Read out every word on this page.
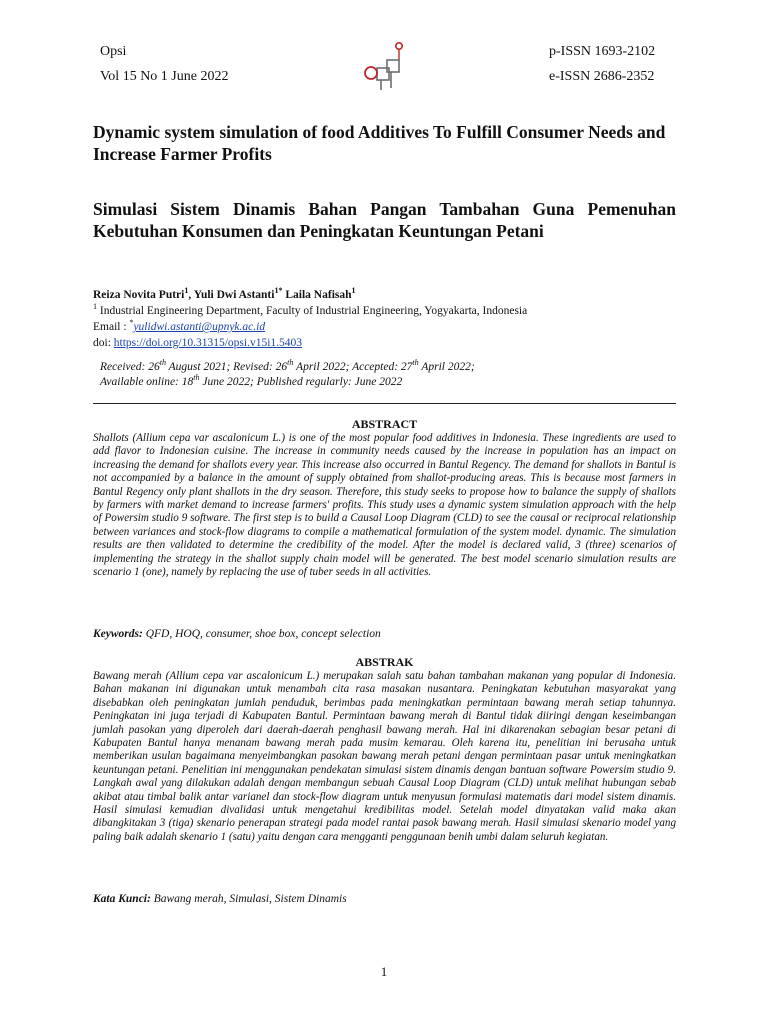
Opsi
Vol 15 No 1 June 2022
p-ISSN 1693-2102
e-ISSN 2686-2352
Dynamic system simulation of food Additives To Fulfill Consumer Needs and Increase Farmer Profits
Simulasi Sistem Dinamis Bahan Pangan Tambahan Guna Pemenuhan Kebutuhan Konsumen dan Peningkatan Keuntungan Petani
Reiza Novita Putri$^1$, Yuli Dwi Astanti$^{1*}$ Laila Nafisah$^1$
$^1$ Industrial Engineering Department, Faculty of Industrial Engineering, Yogyakarta, Indonesia
Email : *yulidwi.astanti@upnyk.ac.id
doi: https://doi.org/10.31315/opsi.v15i1.5403
Received: 26th August 2021; Revised: 26th April 2022; Accepted: 27th April 2022;
Available online: 18th June 2022; Published regularly: June 2022
ABSTRACT
Shallots (Allium cepa var ascalonicum L.) is one of the most popular food additives in Indonesia. These ingredients are used to add flavor to Indonesian cuisine. The increase in community needs caused by the increase in population has an impact on increasing the demand for shallots every year. This increase also occurred in Bantul Regency. The demand for shallots in Bantul is not accompanied by a balance in the amount of supply obtained from shallot-producing areas. This is because most farmers in Bantul Regency only plant shallots in the dry season. Therefore, this study seeks to propose how to balance the supply of shallots by farmers with market demand to increase farmers' profits. This study uses a dynamic system simulation approach with the help of Powersim studio 9 software. The first step is to build a Causal Loop Diagram (CLD) to see the causal or reciprocal relationship between variances and stock-flow diagrams to compile a mathematical formulation of the system model. dynamic. The simulation results are then validated to determine the credibility of the model. After the model is declared valid, 3 (three) scenarios of implementing the strategy in the shallot supply chain model will be generated. The best model scenario simulation results are scenario 1 (one), namely by replacing the use of tuber seeds in all activities.
Keywords: QFD, HOQ, consumer, shoe box, concept selection
ABSTRAK
Bawang merah (Allium cepa var ascalonicum L.) merupakan salah satu bahan tambahan makanan yang popular di Indonesia. Bahan makanan ini digunakan untuk menambah cita rasa masakan nusantara. Peningkatan kebutuhan masyarakat yang disebabkan oleh peningkatan jumlah penduduk, berimbas pada meningkatkan permintaan bawang merah setiap tahunnya. Peningkatan ini juga terjadi di Kabupaten Bantul. Permintaan bawang merah di Bantul tidak diiringi dengan keseimbangan jumlah pasokan yang diperoleh dari daerah-daerah penghasil bawang merah. Hal ini dikarenakan sebagian besar petani di Kabupaten Bantul hanya menanam bawang merah pada musim kemarau. Oleh karena itu, penelitian ini berusaha untuk memberikan usulan bagaimana menyeimbangkan pasokan bawang merah petani dengan permintaan pasar untuk meningkatkan keuntungan petani. Penelitian ini menggunakan pendekatan simulasi sistem dinamis dengan bantuan software Powersim studio 9. Langkah awal yang dilakukan adalah dengan membangun sebuah Causal Loop Diagram (CLD) untuk melihat hubungan sebab akibat atau timbal balik antar varianel dan stock-flow diagram untuk menyusun formulasi matematis dari model sistem dinamis. Hasil simulasi kemudian divalidasi untuk mengetahui kredibilitas model. Setelah model dinyatakan valid maka akan dibangkitakan 3 (tiga) skenario penerapan strategi pada model rantai pasok bawang merah. Hasil simulasi skenario model yang paling baik adalah skenario 1 (satu) yaitu dengan cara mengganti penggunaan benih umbi dalam seluruh kegiatan.
Kata Kunci: Bawang merah, Simulasi, Sistem Dinamis
1
